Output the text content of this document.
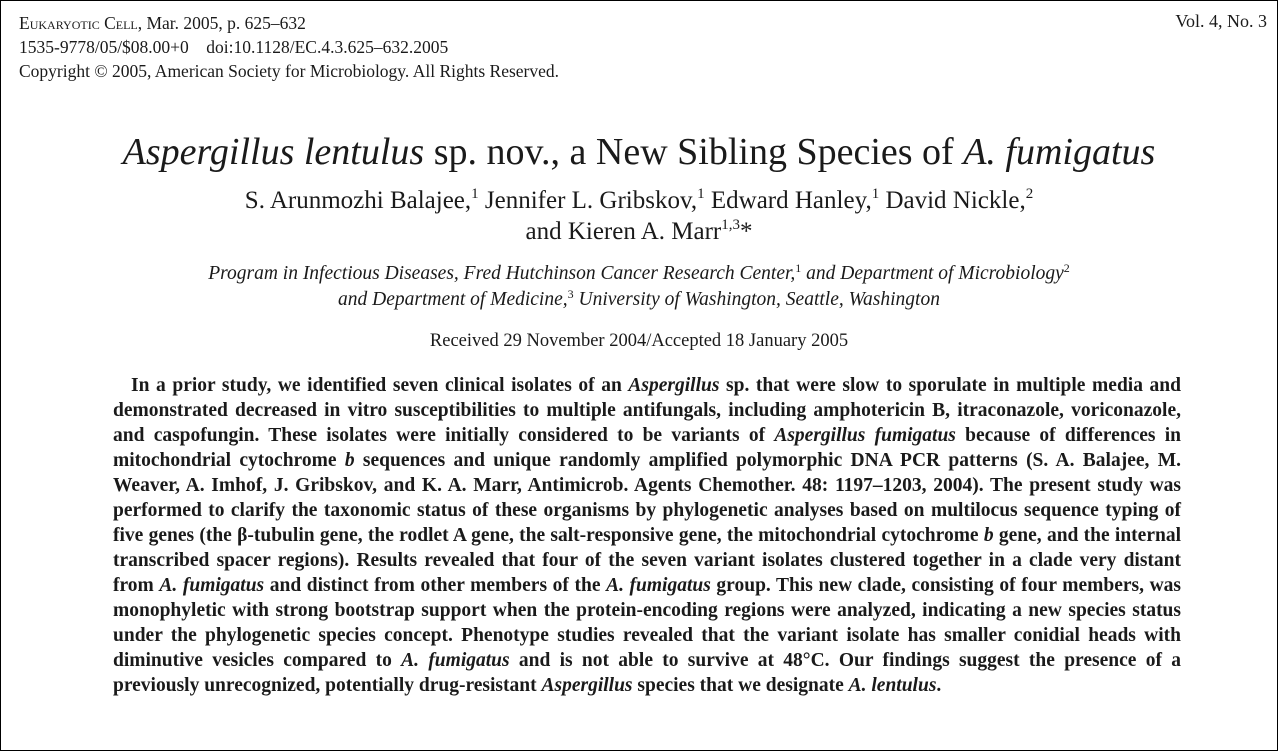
Eukaryotic Cell, Mar. 2005, p. 625–632
1535-9778/05/$08.00+0    doi:10.1128/EC.4.3.625–632.2005
Copyright © 2005, American Society for Microbiology. All Rights Reserved.
Vol. 4, No. 3
Aspergillus lentulus sp. nov., a New Sibling Species of A. fumigatus
S. Arunmozhi Balajee,$^1$ Jennifer L. Gribskov,$^1$ Edward Hanley,$^1$ David Nickle,$^2$
and Kieren A. Marr$^{1,3}$*
Program in Infectious Diseases, Fred Hutchinson Cancer Research Center,$^1$ and Department of Microbiology$^2$
and Department of Medicine,$^3$ University of Washington, Seattle, Washington
Received 29 November 2004/Accepted 18 January 2005

In a prior study, we identified seven clinical isolates of an Aspergillus sp. that were slow to sporulate in multiple media and demonstrated decreased in vitro susceptibilities to multiple antifungals, including amphotericin B, itraconazole, voriconazole, and caspofungin. These isolates were initially considered to be variants of Aspergillus fumigatus because of differences in mitochondrial cytochrome b sequences and unique randomly amplified polymorphic DNA PCR patterns (S. A. Balajee, M. Weaver, A. Imhof, J. Gribskov, and K. A. Marr, Antimicrob. Agents Chemother. 48: 1197–1203, 2004). The present study was performed to clarify the taxonomic status of these organisms by phylogenetic analyses based on multilocus sequence typing of five genes (the β-tubulin gene, the rodlet A gene, the salt-responsive gene, the mitochondrial cytochrome b gene, and the internal transcribed spacer regions). Results revealed that four of the seven variant isolates clustered together in a clade very distant from A. fumigatus and distinct from other members of the A. fumigatus group. This new clade, consisting of four members, was monophyletic with strong bootstrap support when the protein-encoding regions were analyzed, indicating a new species status under the phylogenetic species concept. Phenotype studies revealed that the variant isolate has smaller conidial heads with diminutive vesicles compared to A. fumigatus and is not able to survive at 48°C. Our findings suggest the presence of a previously unrecognized, potentially drug-resistant Aspergillus species that we designate A. lentulus.
